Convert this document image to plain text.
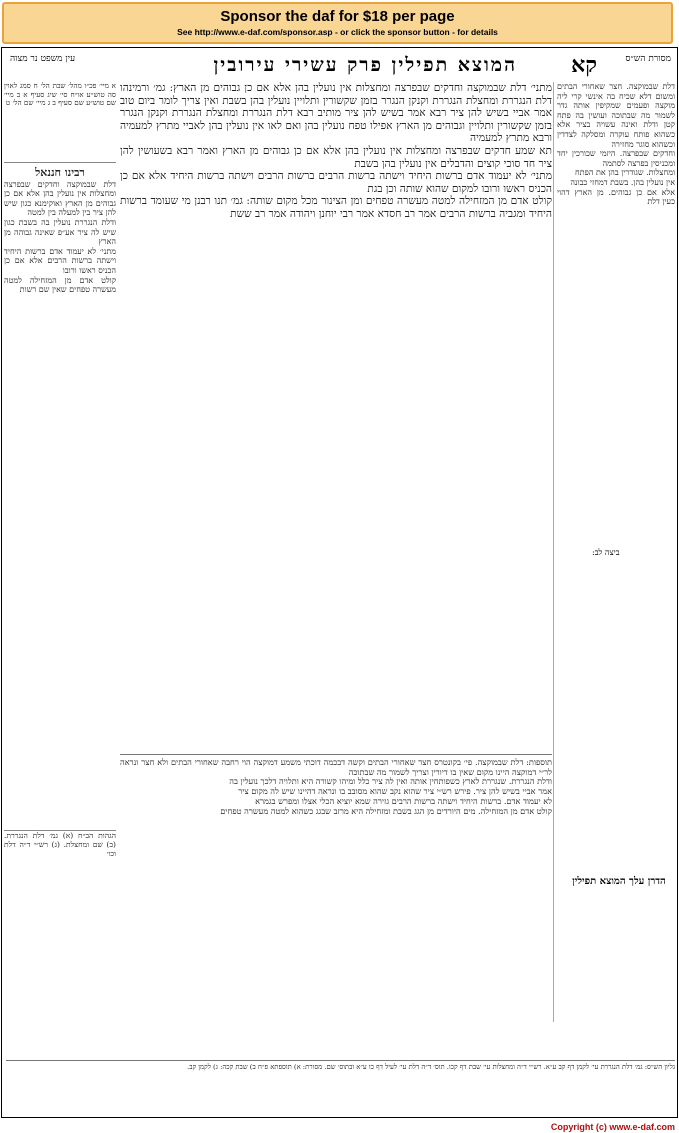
Sponsor the daf for $18 per page
See http://www.e-daf.com/sponsor.asp - or click the sponsor button - for details
מסורת הש״ס
קא
המוצא תפילין פרק עשירי עירובין
עין משפט נר מצוה

מתני׳ דלת שבמוקצה וחדקים שבפרצה ומחצלות אין נועלין בהן אלא אם כן גבוהים מן הארץ: גמ׳ ורמינהו דלת הנגררת ומחצלת הנגררת וקנקן הנגרר בזמן שקשורין ותלויין נועלין בהן בשבת ואין צריך לומר ביום טוב אמר אביי בשיש להן ציר רבא אמר בשיש להן ציר מותיב רבא דלת הנגררת ומחצלת הנגררת וקנקן הנגרר בזמן שקשורין ותלויין וגבוהים מן הארץ אפילו טפח נועלין בהן ואם לאו אין נועלין בהן לאביי מתרץ למעמיה ורבא מתרץ למעמיה

תא שמע חדקים שבפרצה ומחצלות אין נועלין בהן אלא אם כן גבוהים מן הארץ ואמר רבא בשעושין להן ציר חד סוכי קוצים והדבלים אין נועלין בהן בשבת

מתני׳ לא יעמוד אדם ברשות היחיד וישתה ברשות הרבים ברשות הרבים וישתה ברשות היחיד אלא אם כן הכניס ראשו ורובו למקום שהוא שותה וכן בגת

קולט אדם מן המזחילה למטה מעשרה טפחים ומן הצינור מכל מקום שותה: גמ׳ תנו רבנן מי שעומד ברשות היחיד ומגביה ברשות הרבים אמר רב חסדא אמר רבי יוחנן ויהודה אמר רב ששת

דלת שבמוקצה. חצר שאחורי הבתים ומשום דלא שכיח בה אינשי קרי ליה מוקצה ופעמים שמקיפין אותה גדר לשמור מה שבתוכה ועושין בה פתח קטן ודלת ואינה עשויה בציר אלא כשהוא פותח עוקרה ומסלקה לצדדין וכשהוא סוגר מחזירה

וחדקים שבפרצה. היזמי שכורכין יחד ומכניסין בפרצה לסתמה

ומחצלות. שגודרין בהן את הפתח

אין נועלין בהן. בשבת דמחזי כבונה

אלא אם כן גבוהים. מן הארץ דהוי כעין דלת

א מיי׳ פכ״ו מהל׳ שבת הל׳ ח סמג לאוין סה טוש״ע או״ח סי׳ שיג סעיף א ב מיי׳ שם טוש״ע שם סעיף ב ג מיי׳ שם הל׳ ט
רבינו חננאל

דלת שבמוקצה וחדקים שבפרצה ומחצלות אין נועלין בהן אלא אם כן גבוהים מן הארץ ואוקימנא כגון שיש להן ציר בין למעלה בין למטה

ודלת הנגררת נועלין בה בשבת כגון שיש לה ציר אע״פ שאינה גבוהה מן הארץ

מתני׳ לא יעמוד אדם ברשות היחיד וישתה ברשות הרבים אלא אם כן הכניס ראשו ורובו

קולט אדם מן המזחילה למטה מעשרה טפחים שאין שם רשות

הגהות הב״ח (א) גמ׳ דלת הנגררת. (ב) שם ומחצלת. (ג) רש״י ד״ה דלת וכו׳

תוספות: דלת שבמוקצה. פי׳ בקונטרס חצר שאחורי הבתים וקשה דבכמה דוכתי משמע דמוקצה הוי רחבה שאחורי הבתים ולא חצר ונראה לר״י דמוקצה היינו מקום שאין בו דיורין וצריך לשמור מה שבתוכה

ודלת הנגררת. שנגררת לארץ כשפותחין אותה ואין לה ציר כלל ומיהו קשורה היא ותלויה דלכך נועלין בה

אמר אביי בשיש להן ציר. פירש רש״י ציר שהוא נקב שהוא מסובב בו ונראה דהיינו שיש לה מקום ציר

לא יעמוד אדם. ברשות היחיד וישתה ברשות הרבים גזירה שמא יוציא הכלי אצלו ומפרש בגמרא

קולט אדם מן המזחילה. מים היורדים מן הגג בשבת ומזחילה היא מרזב שבגג כשהוא למטה מעשרה טפחים

גליון הש״ס: גמ׳ דלת הנגררת עי׳ לקמן דף קב ע״א. רש״י ד״ה ומחצלות עי׳ שבת דף קכו. תוס׳ ד״ה דלת עי׳ לעיל דף כו ע״א ובתוס׳ שם. מסורת: א) תוספתא פ״ח ב) שבת קכה: ג) לקמן קב.
הדרן עלך המוצא תפילין
ביצה לב:
Copyright (c) www.e-daf.com
